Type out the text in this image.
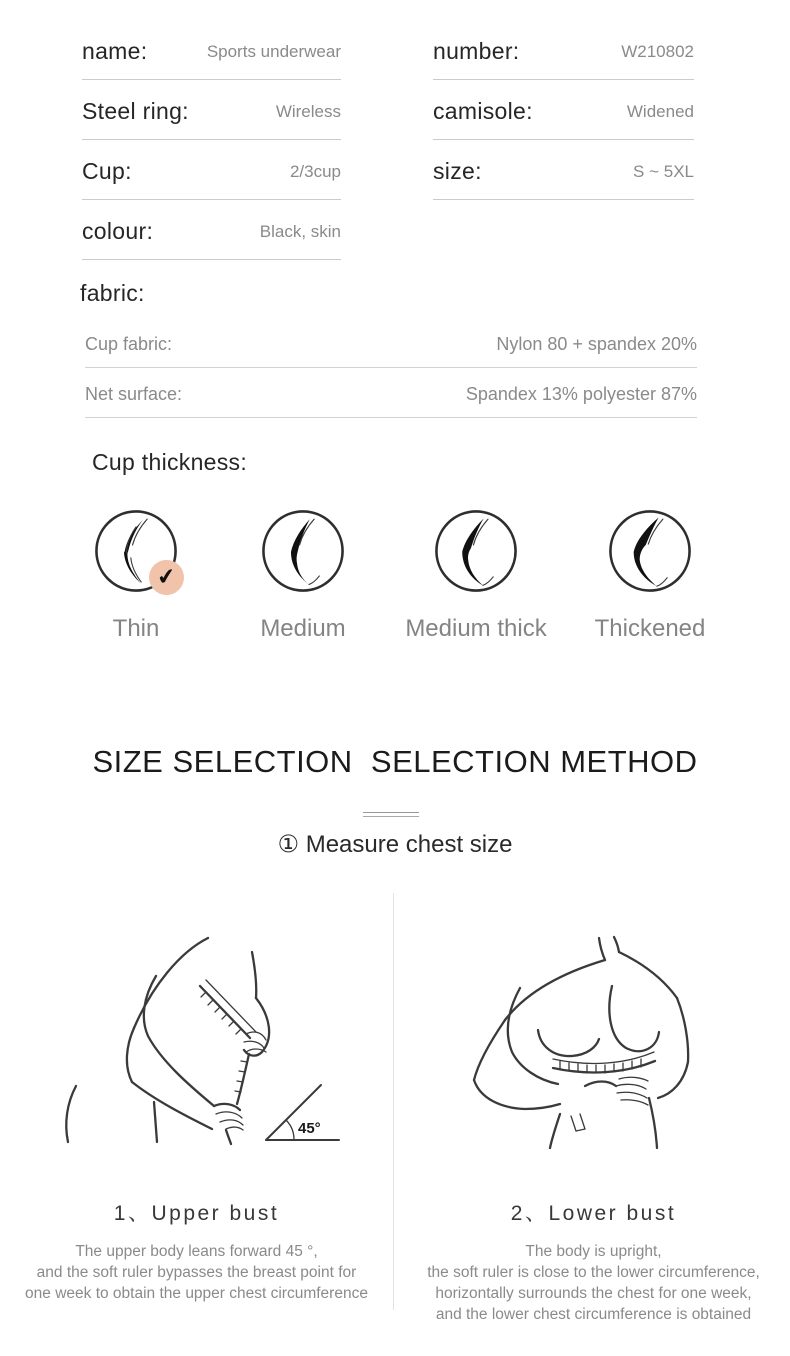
name:	Sports underwear
Steel ring:	Wireless
Cup:	2/3cup
colour:	Black, skin
number:	W210802
camisole:	Widened
size:	S ~ 5XL
fabric:
Cup fabric:	Nylon 80 + spandex 20%
Net surface:	Spandex 13% polyester 87%
Cup thickness:
✔
Thin	Medium	Medium thick	Thickened
SIZE SELECTION  SELECTION METHOD
① Measure chest size
45°
1、Upper bust	2、Lower bust
The upper body leans forward 45 °,
and the soft ruler bypasses the breast point for
one week to obtain the upper chest circumference
The body is upright,
the soft ruler is close to the lower circumference,
horizontally surrounds the chest for one week,
and the lower chest circumference is obtained
